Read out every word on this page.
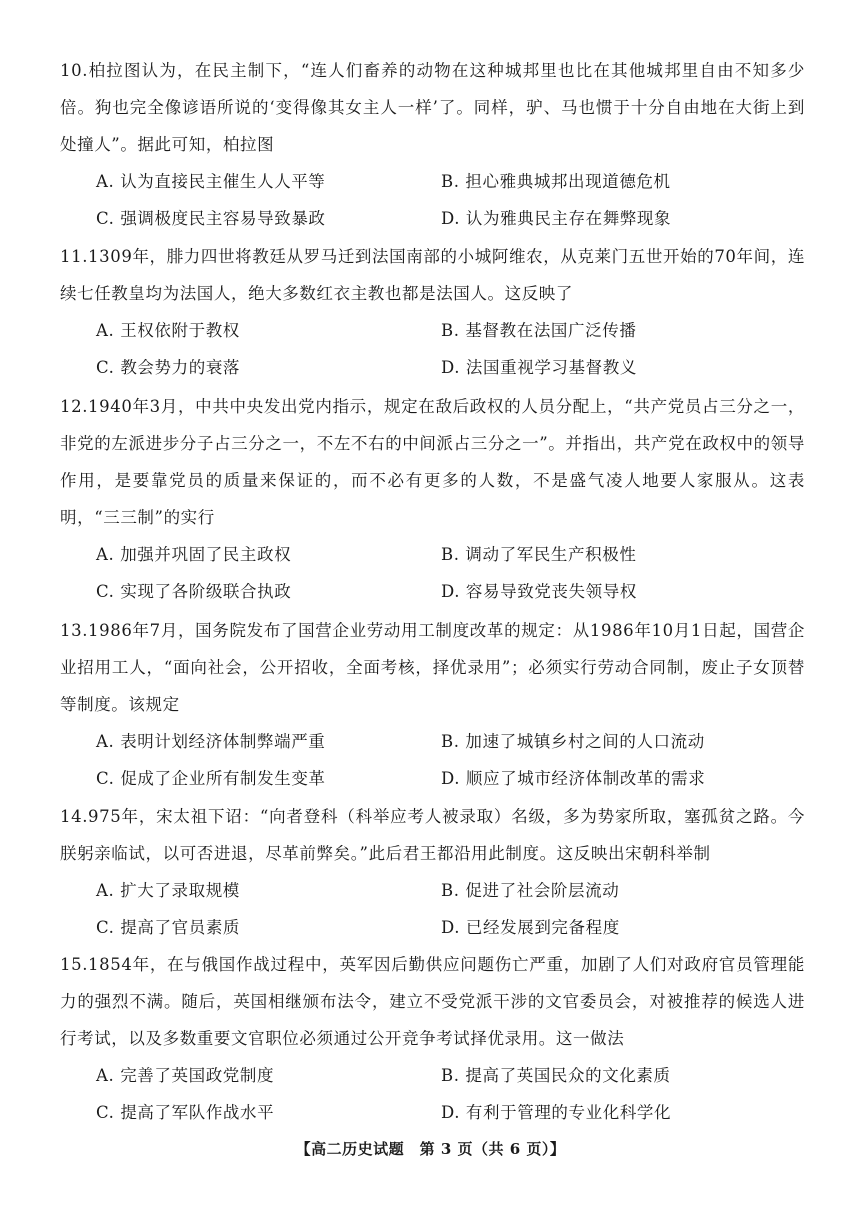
10.柏拉图认为，在民主制下，“连人们畜养的动物在这种城邦里也比在其他城邦里自由不知多少倍。狗也完全像谚语所说的‘变得像其女主人一样’了。同样，驴、马也惯于十分自由地在大街上到处撞人”。据此可知，柏拉图

A. 认为直接民主催生人人平等	B. 担心雅典城邦出现道德危机
C. 强调极度民主容易导致暴政	D. 认为雅典民主存在舞弊现象

11.1309年，腓力四世将教廷从罗马迁到法国南部的小城阿维农，从克莱门五世开始的70年间，连续七任教皇均为法国人，绝大多数红衣主教也都是法国人。这反映了

A. 王权依附于教权	B. 基督教在法国广泛传播
C. 教会势力的衰落	D. 法国重视学习基督教义

12.1940年3月，中共中央发出党内指示，规定在敌后政权的人员分配上，“共产党员占三分之一，非党的左派进步分子占三分之一，不左不右的中间派占三分之一”。并指出，共产党在政权中的领导作用，是要靠党员的质量来保证的，而不必有更多的人数，不是盛气凌人地要人家服从。这表明，“三三制”的实行

A. 加强并巩固了民主政权	B. 调动了军民生产积极性
C. 实现了各阶级联合执政	D. 容易导致党丧失领导权

13.1986年7月，国务院发布了国营企业劳动用工制度改革的规定：从1986年10月1日起，国营企业招用工人，“面向社会，公开招收，全面考核，择优录用”；必须实行劳动合同制，废止子女顶替等制度。该规定

A. 表明计划经济体制弊端严重	B. 加速了城镇乡村之间的人口流动
C. 促成了企业所有制发生变革	D. 顺应了城市经济体制改革的需求

14.975年，宋太祖下诏：“向者登科（科举应考人被录取）名级，多为势家所取，塞孤贫之路。今朕躬亲临试，以可否进退，尽革前弊矣。”此后君王都沿用此制度。这反映出宋朝科举制

A. 扩大了录取规模	B. 促进了社会阶层流动
C. 提高了官员素质	D. 已经发展到完备程度

15.1854年，在与俄国作战过程中，英军因后勤供应问题伤亡严重，加剧了人们对政府官员管理能力的强烈不满。随后，英国相继颁布法令，建立不受党派干涉的文官委员会，对被推荐的候选人进行考试，以及多数重要文官职位必须通过公开竞争考试择优录用。这一做法

A. 完善了英国政党制度	B. 提高了英国民众的文化素质
C. 提高了军队作战水平	D. 有利于管理的专业化科学化
【高二历史试题　第 3 页（共 6 页）】
